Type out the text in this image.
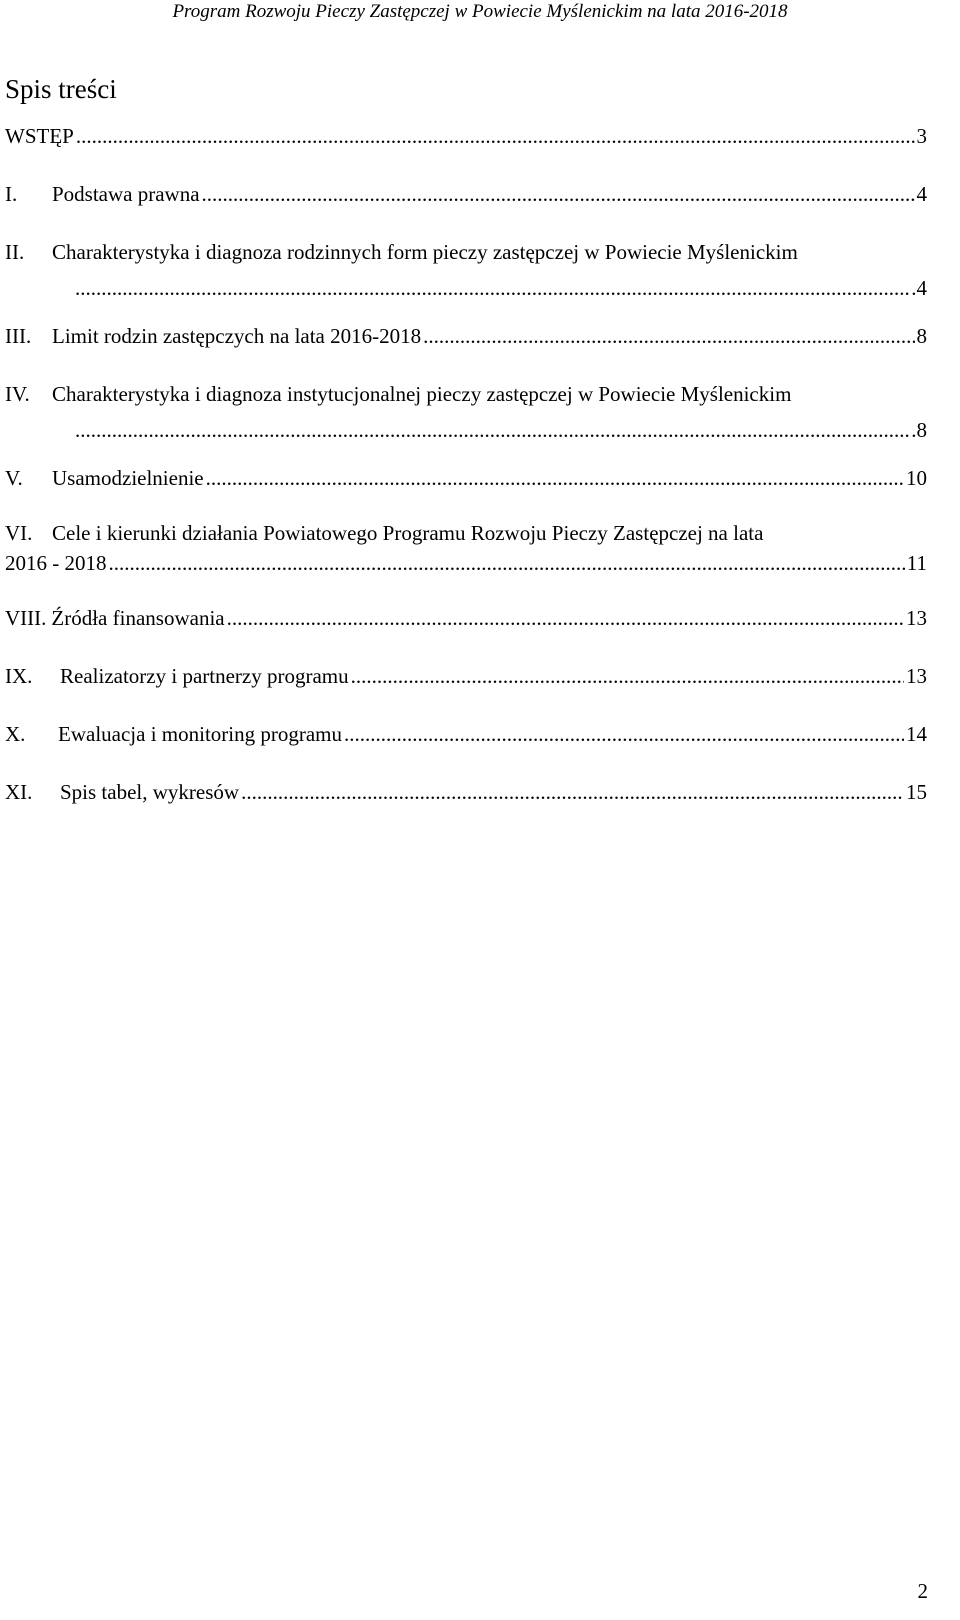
Program Rozwoju Pieczy Zastępczej w Powiecie Myślenickim na lata 2016-2018
Spis treści
WSTĘP .....	3
I.	Podstawa prawna .....	4
II. Charakterystyka i diagnoza rodzinnych form pieczy zastępczej w Powiecie Myślenickim
.....
.4
III. Limit rodzin zastępczych na lata 2016-2018 .....	8
IV. Charakterystyka i diagnoza instytucjonalnej pieczy zastępczej w Powiecie Myślenickim
.....
.8
V.	Usamodzielnienie .....	10
VI. Cele i kierunki działania Powiatowego Programu Rozwoju Pieczy Zastępczej na lata
2016 - 2018 .....	11
VIII. Źródła finansowania .....	13
IX.	Realizatorzy i partnerzy programu .....	13
X.	Ewaluacja i monitoring programu .....	14
XI.	Spis tabel, wykresów .....	15
2
